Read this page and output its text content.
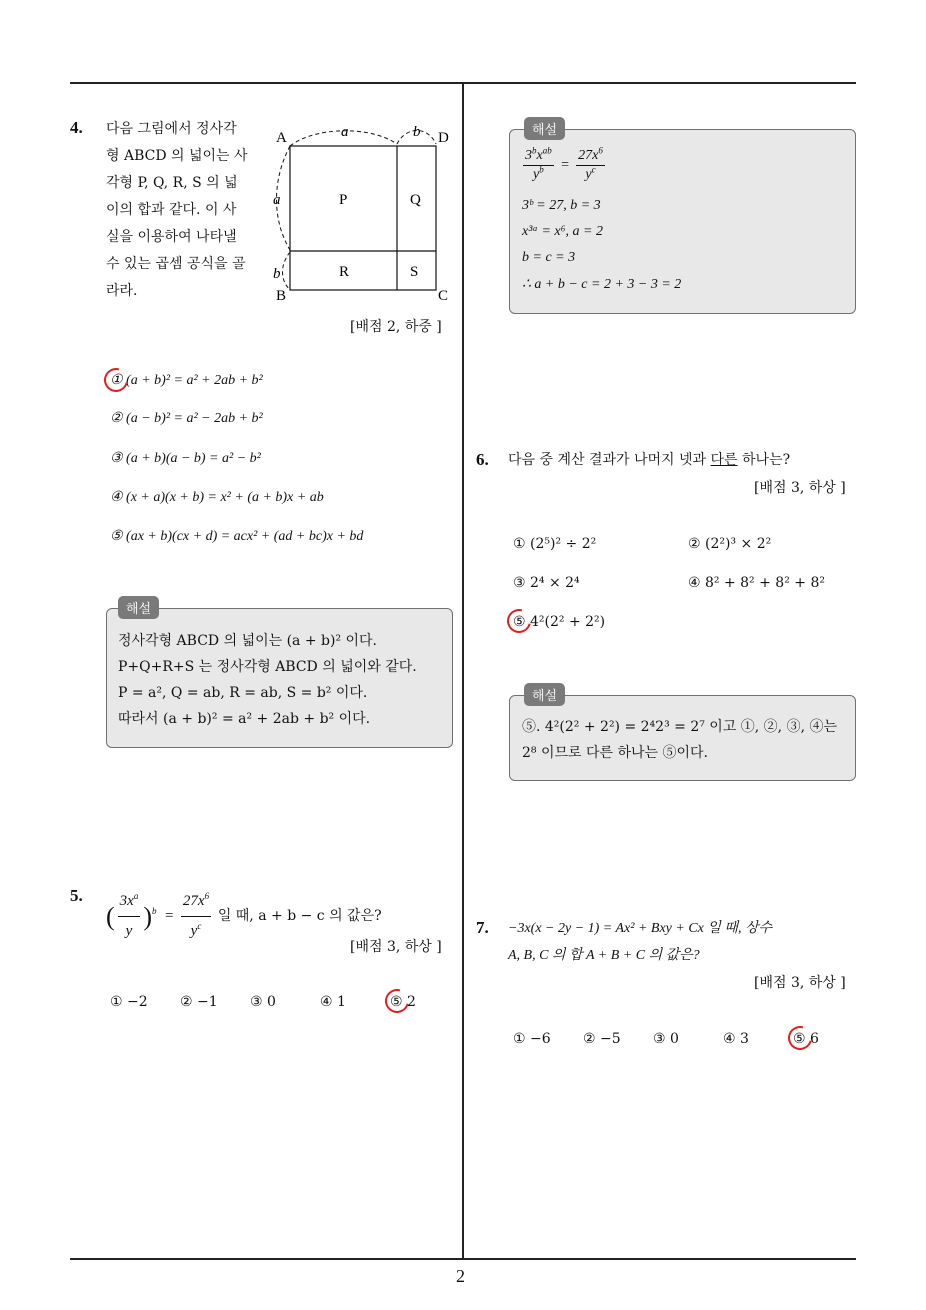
2
4. 다음 그림에서 정사각
형 ABCD 의 넓이는 사
각형 P, Q, R, S 의 넓
이의 합과 같다. 이 사
실을 이용하여 나타낼
수 있는 곱셈 공식을 골
라라.
A	D
B	C
a	b
a
b
P	Q
R	S
[배점 2, 하중 ]
① (a + b)² = a² + 2ab + b²
② (a − b)² = a² − 2ab + b²
③ (a + b)(a − b) = a² − b²
④ (x + a)(x + b) = x² + (a + b)x + ab
⑤ (ax + b)(cx + d) = acx² + (ad + bc)x + bd
해설
정사각형 ABCD 의 넓이는 (a + b)² 이다.
P+Q+R+S 는 정사각형 ABCD 의 넓이와 같다.
P = a², Q = ab, R = ab, S = b² 이다.
따라서 (a + b)² = a² + 2ab + b² 이다.
5.
( $\frac{3x^a}{y} )^b = \frac{27x^6}{y^c}$ 일 때, a + b − c 의 값은?
[배점 3, 하상 ]
① −2 ② −1 ③ 0	④ 1	⑤ 2
해설
$\frac{3^bx^{ab}}{y^b} = \frac{27x^6}{y^c}$
3ᵇ = 27, b = 3
x³ᵃ = x⁶, a = 2
b = c = 3
∴ a + b − c = 2 + 3 − 3 = 2
6. 다음 중 계산 결과가 나머지 넷과 다른 하나는?
[배점 3, 하상 ]
① (2⁵)² ÷ 2²	② (2²)³ × 2²
③ 2⁴ × 2⁴	④ 8² + 8² + 8² + 8²
⑤ 4²(2² + 2²)
해설
⑤. 4²(2² + 2²) = 2⁴2³ = 2⁷ 이고 ①, ②, ③, ④는
2⁸ 이므로 다른 하나는 ⑤이다.
7. −3x(x − 2y − 1) = Ax² + Bxy + Cx 일 때, 상수
A, B, C 의 합 A + B + C 의 값은?
[배점 3, 하상 ]
① −6 ② −5 ③ 0	④ 3	⑤ 6
